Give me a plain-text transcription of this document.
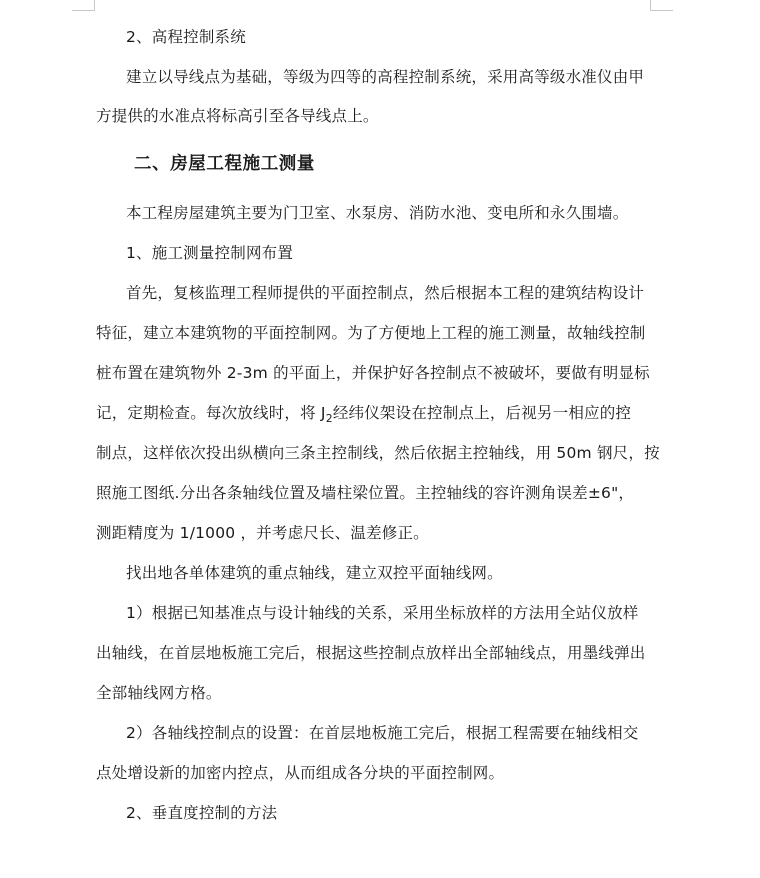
2、高程控制系统
建立以导线点为基础，等级为四等的高程控制系统，采用高等级水准仪由甲
方提供的水准点将标高引至各导线点上。
二、房屋工程施工测量
本工程房屋建筑主要为门卫室、水泵房、消防水池、变电所和永久围墙。
1、施工测量控制网布置
首先，复核监理工程师提供的平面控制点，然后根据本工程的建筑结构设计
特征，建立本建筑物的平面控制网。为了方便地上工程的施工测量，故轴线控制
桩布置在建筑物外 2-3m 的平面上，并保护好各控制点不被破坏，要做有明显标
记，定期检查。每次放线时，将 $J_2$经纬仪架设在控制点上，后视另一相应的控
制点，这样依次投出纵横向三条主控制线，然后依据主控轴线，用 50m 钢尺，按
照施工图纸.分出各条轴线位置及墙柱梁位置。主控轴线的容许测角误差±6"，
测距精度为 1/1000 ，并考虑尺长、温差修正。
找出地各单体建筑的重点轴线，建立双控平面轴线网。
1）根据已知基准点与设计轴线的关系，采用坐标放样的方法用全站仪放样
出轴线，在首层地板施工完后，根据这些控制点放样出全部轴线点，用墨线弹出
全部轴线网方格。
2）各轴线控制点的设置：在首层地板施工完后，根据工程需要在轴线相交
点处增设新的加密内控点，从而组成各分块的平面控制网。
2、垂直度控制的方法
